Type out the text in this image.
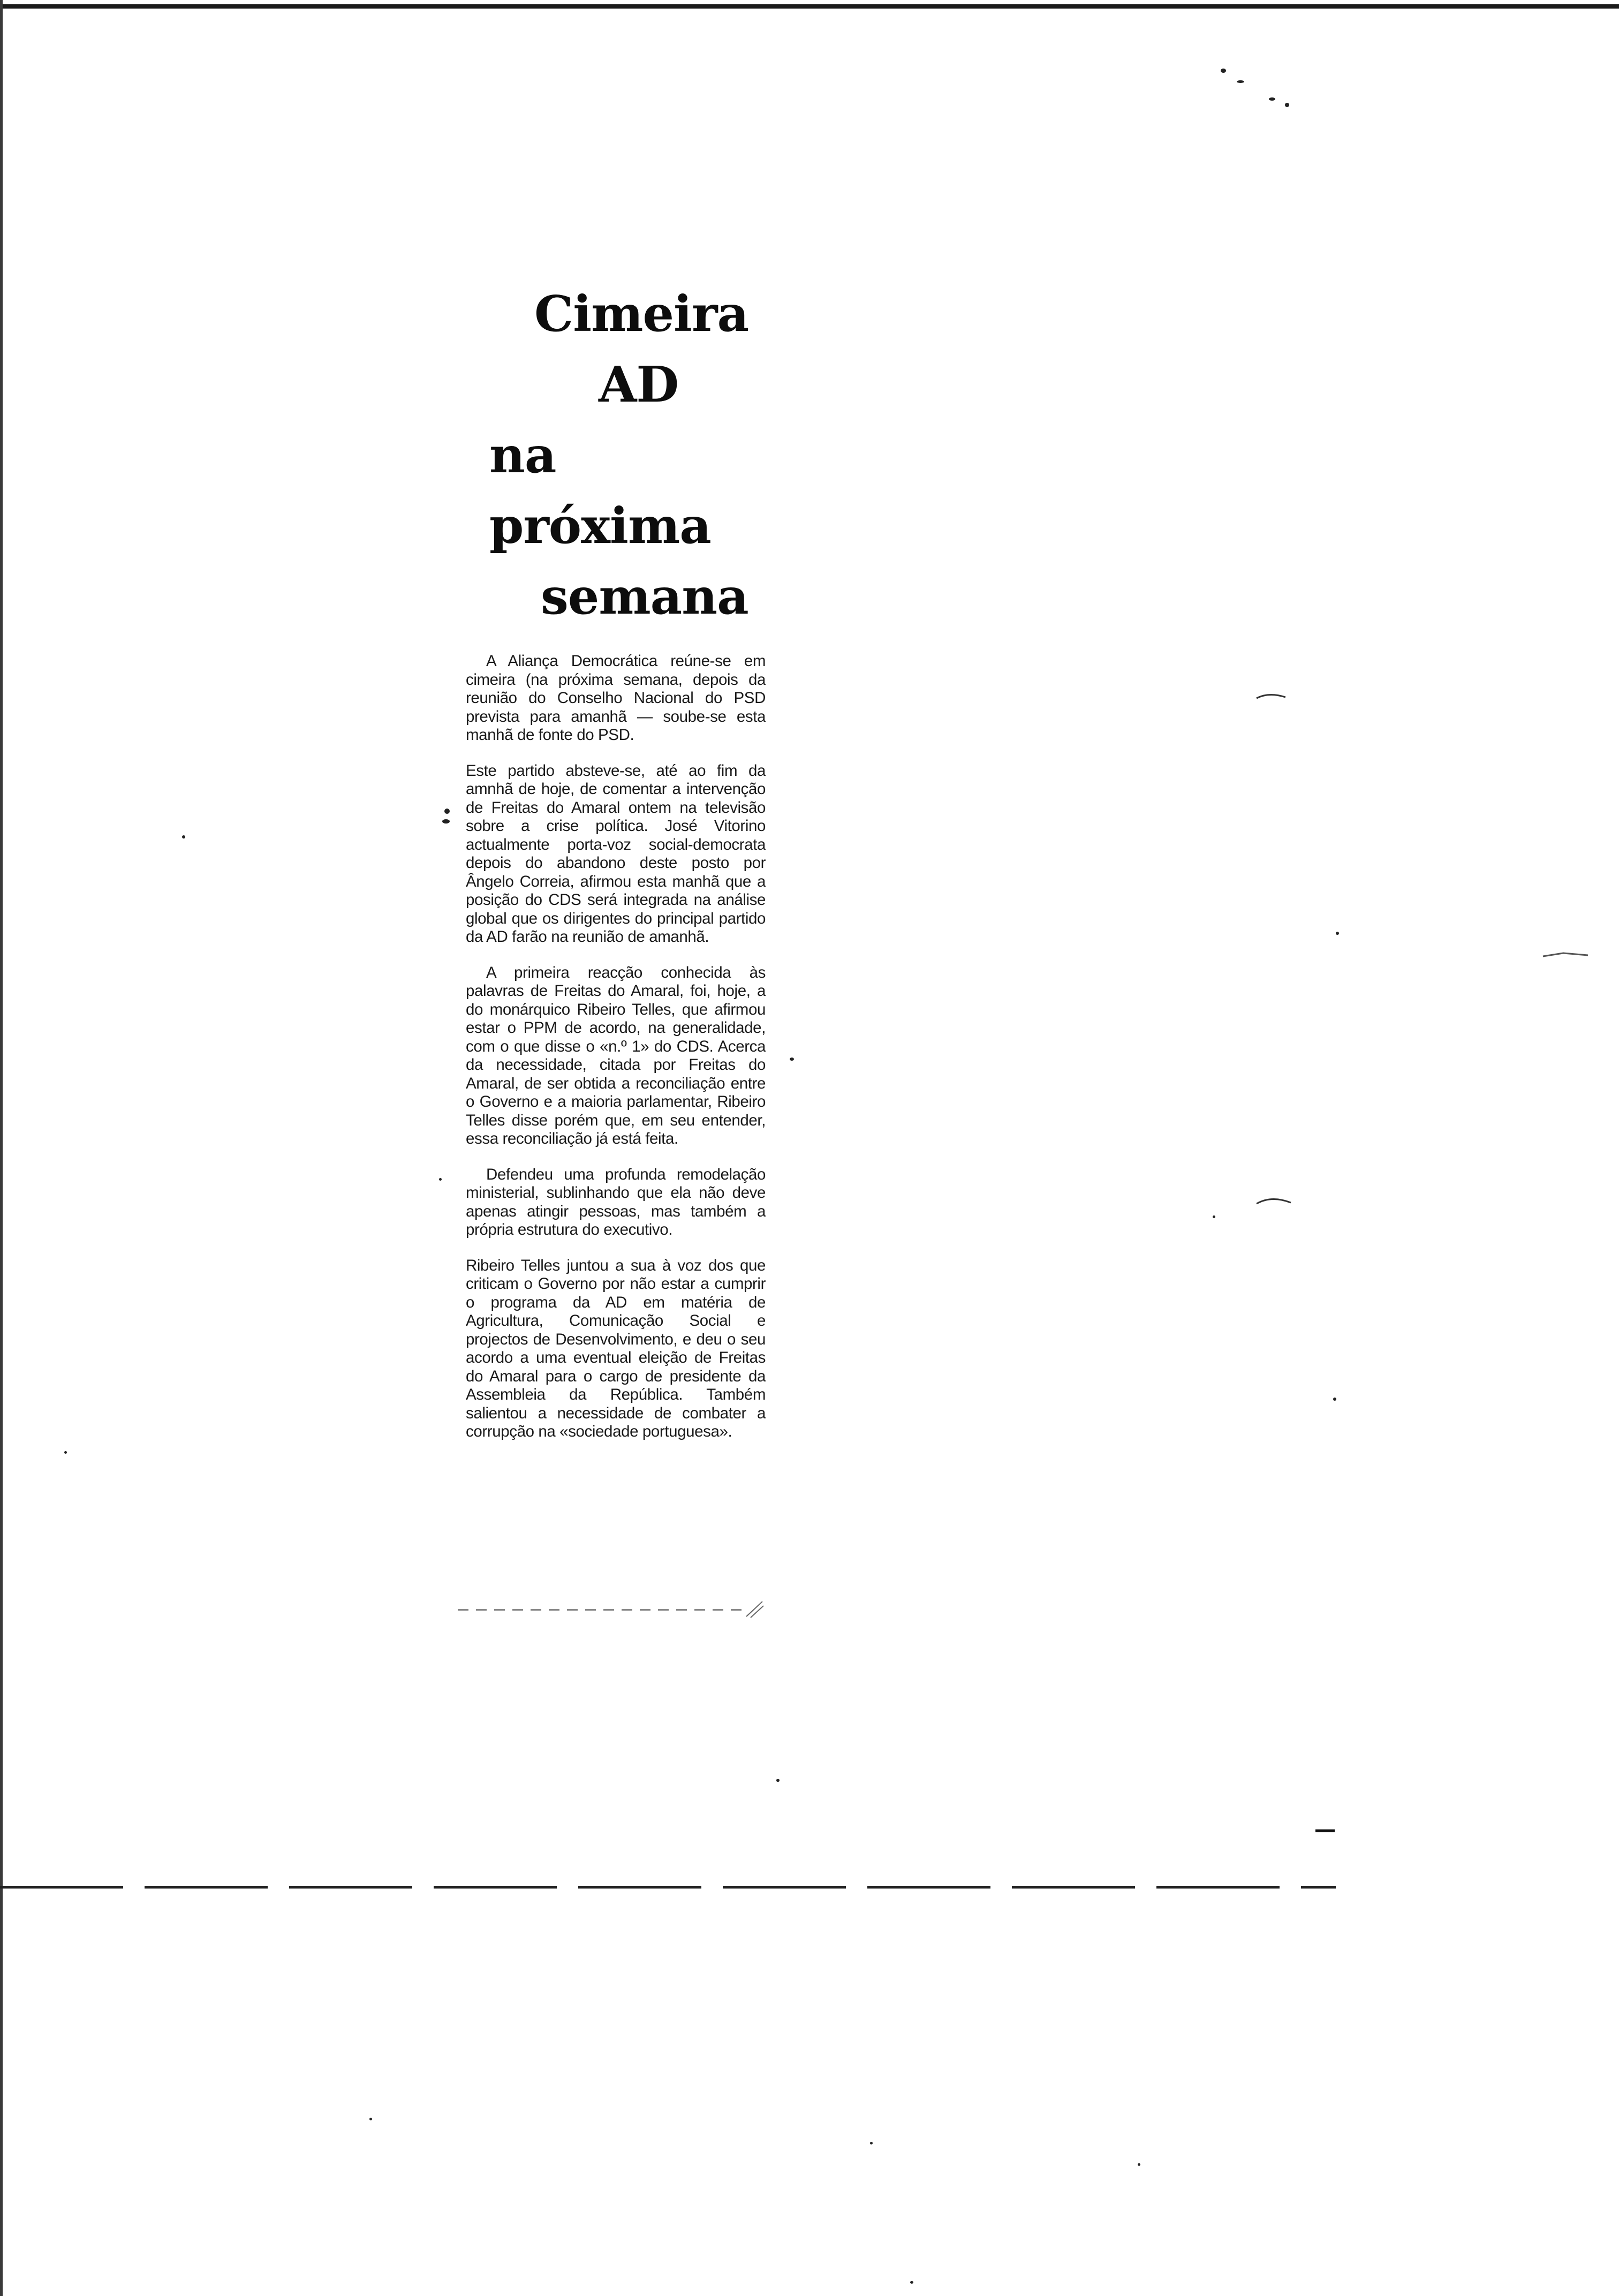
Cimeira
AD
na próxima
semana

A Aliança Democrática reúne-se em cimeira (na próxima semana, depois da reunião do Conselho Nacional do PSD prevista para amanhã — soube-se esta manhã de fonte do PSD.

Este partido absteve-se, até ao fim da amnhã de hoje, de comentar a intervenção de Freitas do Amaral ontem na televisão sobre a crise política. José Vitorino actualmente porta-voz social-democrata depois do abandono deste posto por Ângelo Correia, afirmou esta manhã que a posição do CDS será integrada na análise global que os dirigentes do principal partido da AD farão na reunião de amanhã.

A primeira reacção conhecida às palavras de Freitas do Amaral, foi, hoje, a do monárquico Ribeiro Telles, que afirmou estar o PPM de acordo, na generalidade, com o que disse o «n.º 1» do CDS. Acerca da necessidade, citada por Freitas do Amaral, de ser obtida a reconciliação entre o Governo e a maioria parlamentar, Ribeiro Telles disse porém que, em seu entender, essa reconciliação já está feita.

Defendeu uma profunda remodelação ministerial, sublinhando que ela não deve apenas atingir pessoas, mas também a própria estrutura do executivo.

Ribeiro Telles juntou a sua à voz dos que criticam o Governo por não estar a cumprir o programa da AD em matéria de Agricultura, Comunicação Social e projectos de Desenvolvimento, e deu o seu acordo a uma eventual eleição de Freitas do Amaral para o cargo de presidente da Assembleia da República. Também salientou a necessidade de combater a corrupção na «sociedade portuguesa».
